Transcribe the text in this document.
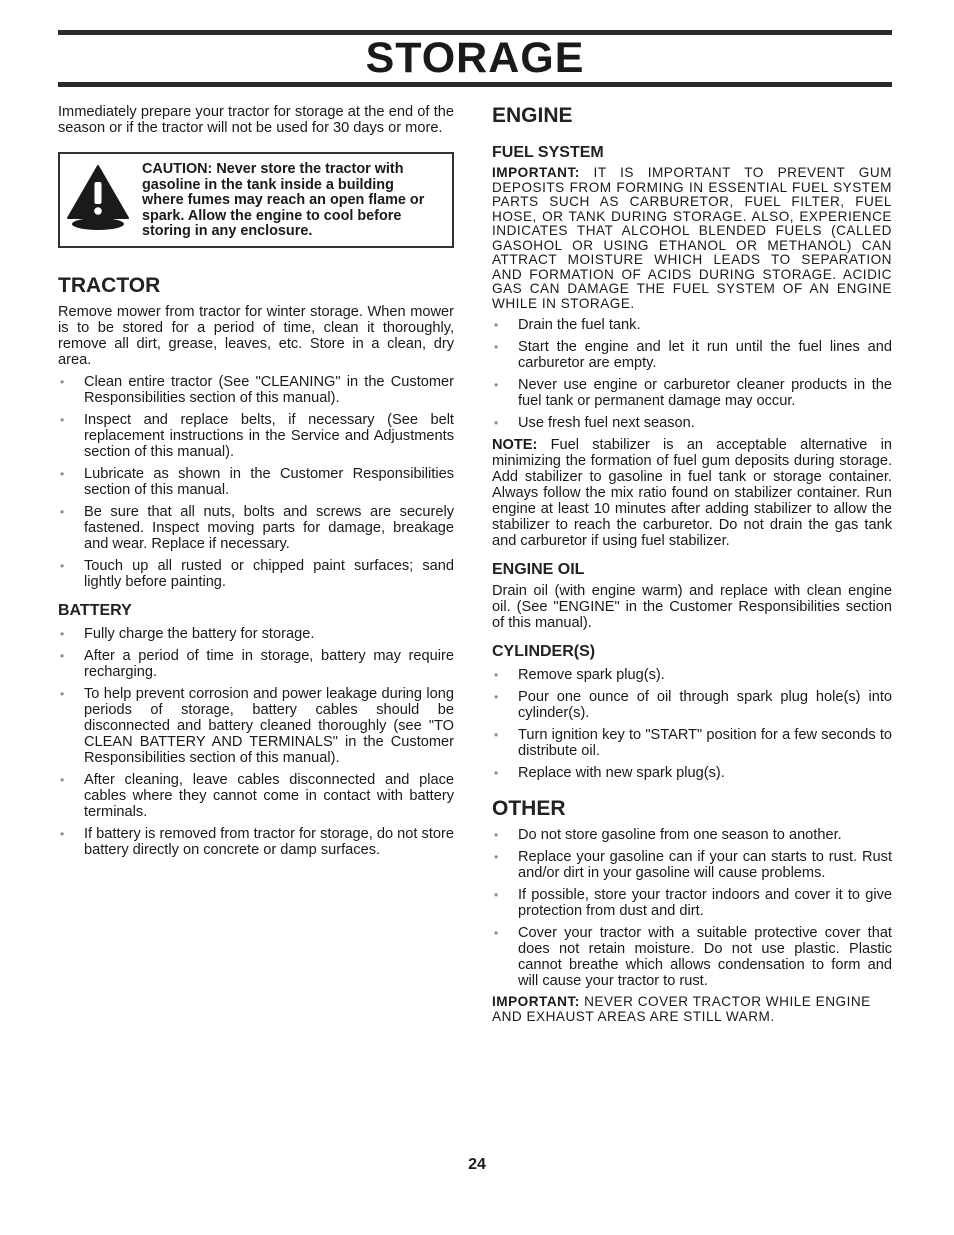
STORAGE

Immediately prepare your tractor for storage at the end of the season or if the tractor will not be used for 30 days or more.

CAUTION: Never store the tractor with gasoline in the tank inside a building where fumes may reach an open flame or spark. Allow the engine to cool before storing in any enclosure.

TRACTOR

Remove mower from tractor for winter storage. When mower is to be stored for a period of time, clean it thoroughly, remove all dirt, grease, leaves, etc. Store in a clean, dry area.

• Clean entire tractor (See "CLEANING" in the Customer Responsibilities section of this manual).
• Inspect and replace belts, if necessary (See belt replacement instructions in the Service and Adjustments section of this manual).
• Lubricate as shown in the Customer Responsibilities section of this manual.
• Be sure that all nuts, bolts and screws are securely fastened. Inspect moving parts for damage, breakage and wear. Replace if necessary.
• Touch up all rusted or chipped paint surfaces; sand lightly before painting.
BATTERY
• Fully charge the battery for storage.
• After a period of time in storage, battery may require recharging.
• To help prevent corrosion and power leakage during long periods of storage, battery cables should be disconnected and battery cleaned thoroughly (see "TO CLEAN BATTERY AND TERMINALS" in the Customer Responsibilities section of this manual).
• After cleaning, leave cables disconnected and place cables where they cannot come in contact with battery terminals.
• If battery is removed from tractor for storage, do not store battery directly on concrete or damp surfaces.
ENGINE
FUEL SYSTEM

IMPORTANT: IT IS IMPORTANT TO PREVENT GUM DEPOSITS FROM FORMING IN ESSENTIAL FUEL SYSTEM PARTS SUCH AS CARBURETOR, FUEL FILTER, FUEL HOSE, OR TANK DURING STORAGE. ALSO, EXPERIENCE INDICATES THAT ALCOHOL BLENDED FUELS (CALLED GASOHOL OR USING ETHANOL OR METHANOL) CAN ATTRACT MOISTURE WHICH LEADS TO SEPARATION AND FORMATION OF ACIDS DURING STORAGE. ACIDIC GAS CAN DAMAGE THE FUEL SYSTEM OF AN ENGINE WHILE IN STORAGE.

• Drain the fuel tank.
• Start the engine and let it run until the fuel lines and carburetor are empty.
• Never use engine or carburetor cleaner products in the fuel tank or permanent damage may occur.
• Use fresh fuel next season.

NOTE: Fuel stabilizer is an acceptable alternative in minimizing the formation of fuel gum deposits during storage. Add stabilizer to gasoline in fuel tank or storage container. Always follow the mix ratio found on stabilizer container. Run engine at least 10 minutes after adding stabilizer to allow the stabilizer to reach the carburetor. Do not drain the gas tank and carburetor if using fuel stabilizer.

ENGINE OIL

Drain oil (with engine warm) and replace with clean engine oil. (See "ENGINE" in the Customer Responsibilities section of this manual).

CYLINDER(S)
• Remove spark plug(s).
• Pour one ounce of oil through spark plug hole(s) into cylinder(s).
• Turn ignition key to "START" position for a few seconds to distribute oil.
• Replace with new spark plug(s).
OTHER
• Do not store gasoline from one season to another.
• Replace your gasoline can if your can starts to rust. Rust and/or dirt in your gasoline will cause problems.
• If possible, store your tractor indoors and cover it to give protection from dust and dirt.
• Cover your tractor with a suitable protective cover that does not retain moisture. Do not use plastic. Plastic cannot breathe which allows condensation to form and will cause your tractor to rust.

IMPORTANT: NEVER COVER TRACTOR WHILE ENGINE AND EXHAUST AREAS ARE STILL WARM.

24
